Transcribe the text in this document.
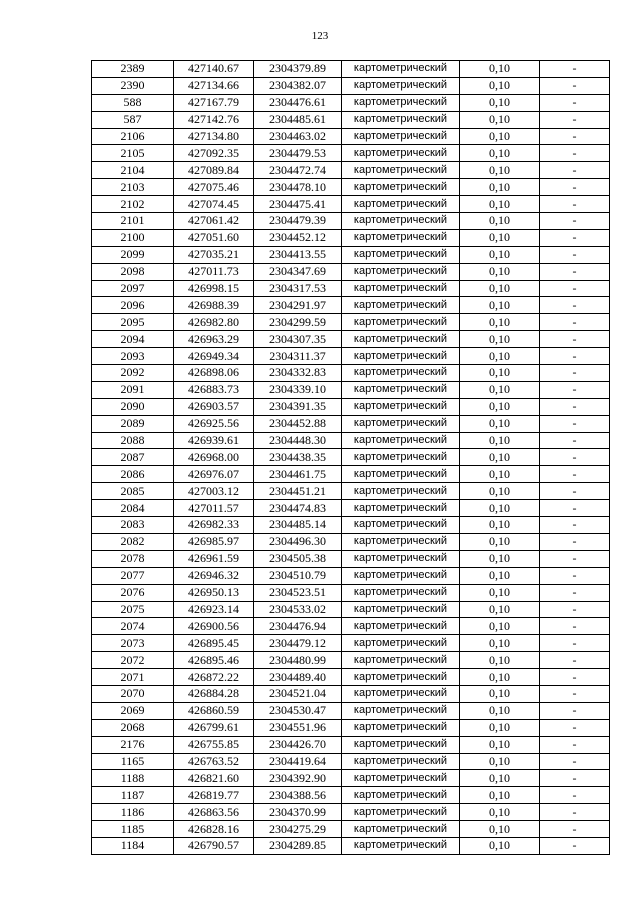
123
2389	427140.67	2304379.89	картометрический	0,10	-
2390	427134.66	2304382.07	картометрический	0,10	-
588	427167.79	2304476.61	картометрический	0,10	-
587	427142.76	2304485.61	картометрический	0,10	-
2106	427134.80	2304463.02	картометрический	0,10	-
2105	427092.35	2304479.53	картометрический	0,10	-
2104	427089.84	2304472.74	картометрический	0,10	-
2103	427075.46	2304478.10	картометрический	0,10	-
2102	427074.45	2304475.41	картометрический	0,10	-
2101	427061.42	2304479.39	картометрический	0,10	-
2100	427051.60	2304452.12	картометрический	0,10	-
2099	427035.21	2304413.55	картометрический	0,10	-
2098	427011.73	2304347.69	картометрический	0,10	-
2097	426998.15	2304317.53	картометрический	0,10	-
2096	426988.39	2304291.97	картометрический	0,10	-
2095	426982.80	2304299.59	картометрический	0,10	-
2094	426963.29	2304307.35	картометрический	0,10	-
2093	426949.34	2304311.37	картометрический	0,10	-
2092	426898.06	2304332.83	картометрический	0,10	-
2091	426883.73	2304339.10	картометрический	0,10	-
2090	426903.57	2304391.35	картометрический	0,10	-
2089	426925.56	2304452.88	картометрический	0,10	-
2088	426939.61	2304448.30	картометрический	0,10	-
2087	426968.00	2304438.35	картометрический	0,10	-
2086	426976.07	2304461.75	картометрический	0,10	-
2085	427003.12	2304451.21	картометрический	0,10	-
2084	427011.57	2304474.83	картометрический	0,10	-
2083	426982.33	2304485.14	картометрический	0,10	-
2082	426985.97	2304496.30	картометрический	0,10	-
2078	426961.59	2304505.38	картометрический	0,10	-
2077	426946.32	2304510.79	картометрический	0,10	-
2076	426950.13	2304523.51	картометрический	0,10	-
2075	426923.14	2304533.02	картометрический	0,10	-
2074	426900.56	2304476.94	картометрический	0,10	-
2073	426895.45	2304479.12	картометрический	0,10	-
2072	426895.46	2304480.99	картометрический	0,10	-
2071	426872.22	2304489.40	картометрический	0,10	-
2070	426884.28	2304521.04	картометрический	0,10	-
2069	426860.59	2304530.47	картометрический	0,10	-
2068	426799.61	2304551.96	картометрический	0,10	-
2176	426755.85	2304426.70	картометрический	0,10	-
1165	426763.52	2304419.64	картометрический	0,10	-
1188	426821.60	2304392.90	картометрический	0,10	-
1187	426819.77	2304388.56	картометрический	0,10	-
1186	426863.56	2304370.99	картометрический	0,10	-
1185	426828.16	2304275.29	картометрический	0,10	-
1184	426790.57	2304289.85	картометрический	0,10	-
